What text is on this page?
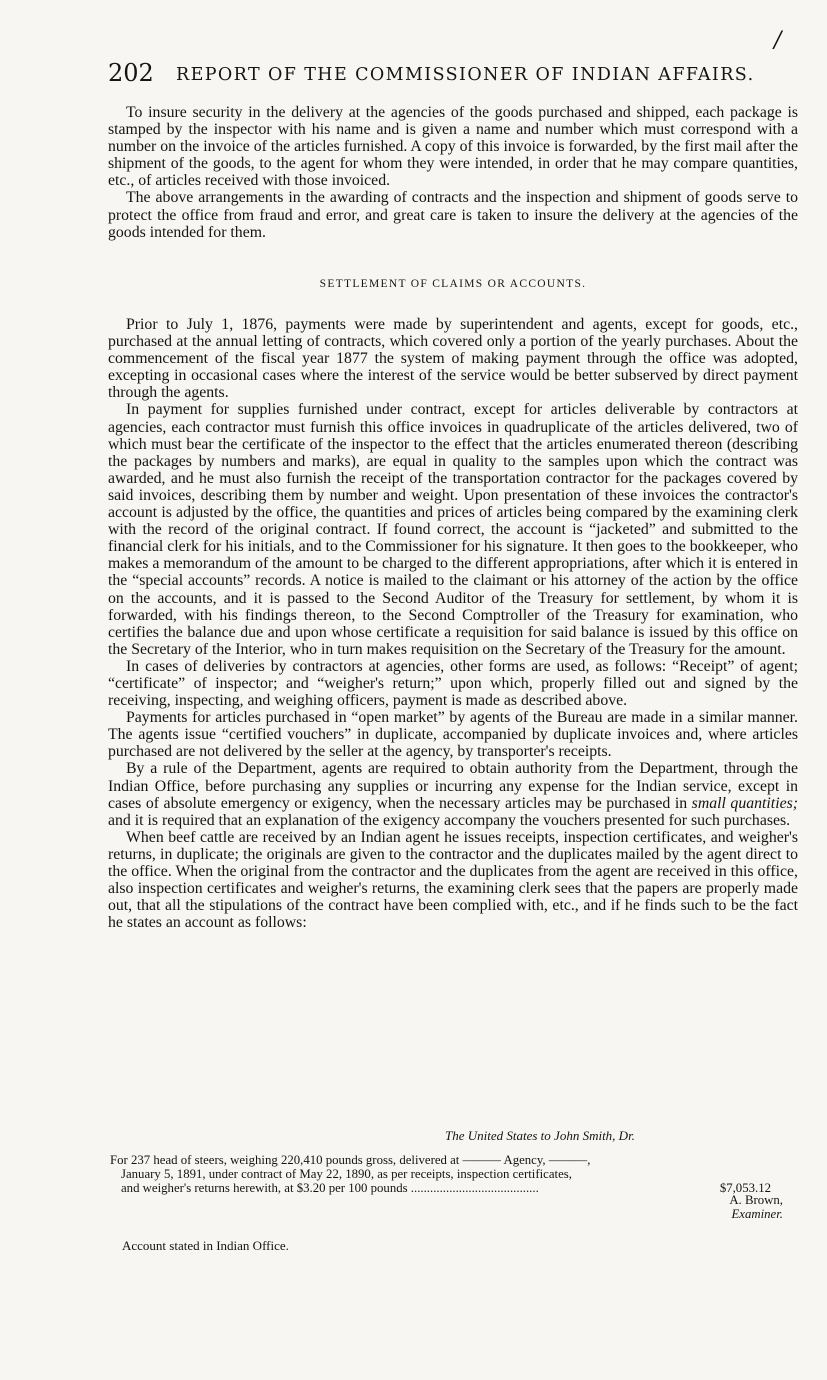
202 REPORT OF THE COMMISSIONER OF INDIAN AFFAIRS.
/

To insure security in the delivery at the agencies of the goods purchased and shipped, each package is stamped by the inspector with his name and is given a name and number which must correspond with a number on the invoice of the articles furnished. A copy of this invoice is forwarded, by the first mail after the shipment of the goods, to the agent for whom they were intended, in order that he may compare quantities, etc., of articles received with those invoiced.

The above arrangements in the awarding of contracts and the inspection and shipment of goods serve to protect the office from fraud and error, and great care is taken to insure the delivery at the agencies of the goods intended for them.

SETTLEMENT OF CLAIMS OR ACCOUNTS.

Prior to July 1, 1876, payments were made by superintendent and agents, except for goods, etc., purchased at the annual letting of contracts, which covered only a portion of the yearly purchases. About the commencement of the fiscal year 1877 the system of making payment through the office was adopted, excepting in occasional cases where the interest of the service would be better subserved by direct payment through the agents.

In payment for supplies furnished under contract, except for articles deliverable by contractors at agencies, each contractor must furnish this office invoices in quadruplicate of the articles delivered, two of which must bear the certificate of the inspector to the effect that the articles enumerated thereon (describing the packages by numbers and marks), are equal in quality to the samples upon which the contract was awarded, and he must also furnish the receipt of the transportation contractor for the packages covered by said invoices, describing them by number and weight. Upon presentation of these invoices the contractor's account is adjusted by the office, the quantities and prices of articles being compared by the examining clerk with the record of the original contract. If found correct, the account is “jacketed” and submitted to the financial clerk for his initials, and to the Commissioner for his signature. It then goes to the bookkeeper, who makes a memorandum of the amount to be charged to the different appropriations, after which it is entered in the “special accounts” records. A notice is mailed to the claimant or his attorney of the action by the office on the accounts, and it is passed to the Second Auditor of the Treasury for settlement, by whom it is forwarded, with his findings thereon, to the Second Comptroller of the Treasury for examination, who certifies the balance due and upon whose certificate a requisition for said balance is issued by this office on the Secretary of the Interior, who in turn makes requisition on the Secretary of the Treasury for the amount.

In cases of deliveries by contractors at agencies, other forms are used, as follows: “Receipt” of agent; “certificate” of inspector; and “weigher's return;” upon which, properly filled out and signed by the receiving, inspecting, and weighing officers, payment is made as described above.

Payments for articles purchased in “open market” by agents of the Bureau are made in a similar manner. The agents issue “certified vouchers” in duplicate, accompanied by duplicate invoices and, where articles purchased are not delivered by the seller at the agency, by transporter's receipts.

By a rule of the Department, agents are required to obtain authority from the Department, through the Indian Office, before purchasing any supplies or incurring any expense for the Indian service, except in cases of absolute emergency or exigency, when the necessary articles may be purchased in small quantities; and it is required that an explanation of the exigency accompany the vouchers presented for such purchases.

When beef cattle are received by an Indian agent he issues receipts, inspection certificates, and weigher's returns, in duplicate; the originals are given to the contractor and the duplicates mailed by the agent direct to the office. When the original from the contractor and the duplicates from the agent are received in this office, also inspection certificates and weigher's returns, the examining clerk sees that the papers are properly made out, that all the stipulations of the contract have been complied with, etc., and if he finds such to be the fact he states an account as follows:

The United States to John Smith, Dr.
For 237 head of steers, weighing 220,410 pounds gross, delivered at ——— Agency, ———,
January 5, 1891, under contract of May 22, 1890, as per receipts, inspection certificates,
and weigher's returns herewith, at $3.20 per 100 pounds ........................................	$7,053.12
A. Brown,
Examiner.
Account stated in Indian Office.
